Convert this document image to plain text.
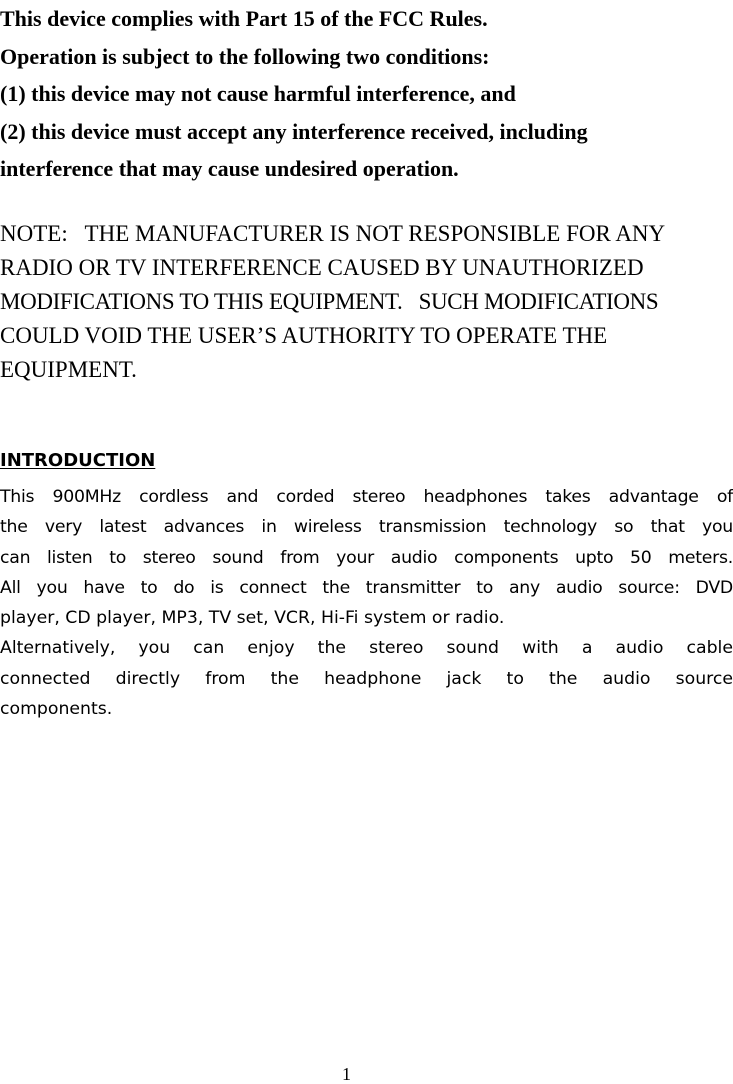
This device complies with Part 15 of the FCC Rules.
Operation is subject to the following two conditions:
(1) this device may not cause harmful interference, and
(2) this device must accept any interference received, including
interference that may cause undesired operation.
NOTE:   THE MANUFACTURER IS NOT RESPONSIBLE FOR ANY
RADIO OR TV INTERFERENCE CAUSED BY UNAUTHORIZED
MODIFICATIONS TO THIS EQUIPMENT.   SUCH MODIFICATIONS
COULD VOID THE USER’S AUTHORITY TO OPERATE THE
EQUIPMENT.
INTRODUCTION
This 900MHz cordless and corded stereo headphones takes advantage of
the very latest advances in wireless transmission technology so that you
can listen to stereo sound from your audio components upto 50 meters.
All you have to do is connect the transmitter to any audio source: DVD
player, CD player, MP3, TV set, VCR, Hi-Fi system or radio.
Alternatively, you can enjoy the stereo sound with a audio cable
connected directly from the headphone jack to the audio source
components.
1
